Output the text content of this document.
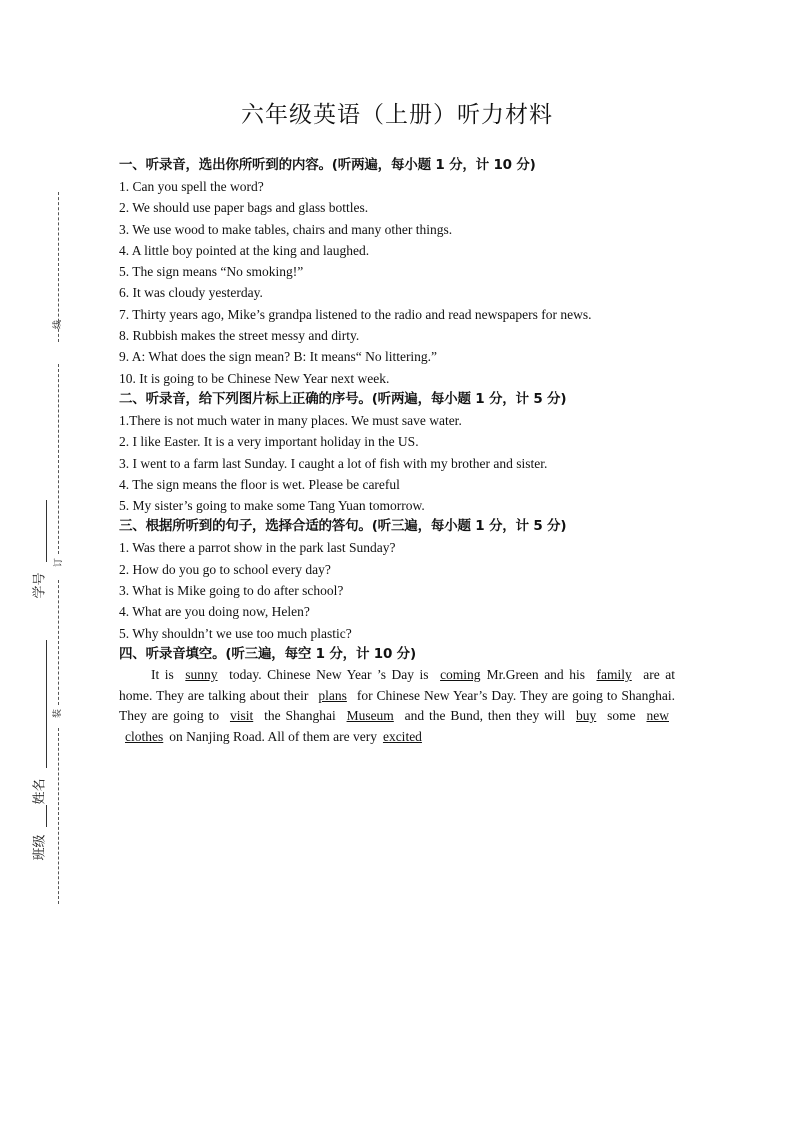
线
订
装
学号
姓名
班级
六年级英语（上册）听力材料
一、听录音，选出你所听到的内容。(听两遍，每小题 1 分，计 10 分)
1. Can you spell the word?
2. We should use paper bags and glass bottles.
3. We use wood to make tables, chairs and many other things.
4. A little boy pointed at the king and laughed.
5. The sign means “No smoking!”
6. It was cloudy yesterday.
7. Thirty years ago, Mike’s grandpa listened to the radio and read newspapers for news.
8. Rubbish makes the street messy and dirty.
9. A: What does the sign mean? B: It means“ No littering.”
10. It is going to be Chinese New Year next week.
二、听录音，给下列图片标上正确的序号。(听两遍，每小题 1 分，计 5 分)
1.There is not much water in many places. We must save water.
2. I like Easter. It is a very important holiday in the US.
3. I went to a farm last Sunday. I caught a lot of fish with my brother and sister.
4. The sign means the floor is wet. Please be careful
5. My sister’s going to make some Tang Yuan tomorrow.
三、根据所听到的句子，选择合适的答句。(听三遍，每小题 1 分，计 5 分)
1. Was there a parrot show in the park last Sunday?
2. How do you go to school every day?
3. What is Mike going to do after school?
4. What are you doing now, Helen?
5. Why shouldn’t we use too much plastic?
四、听录音填空。(听三遍，每空 1 分，计 10 分)
It is sunny today. Chinese New Year ’s Day is coming Mr.Green and his family are at home. They are talking about their plans for Chinese New Year’s Day. They are going to Shanghai. They are going to visit the Shanghai Museum and the Bund, then they will buy some new clothes on Nanjing Road. All of them are very excited
